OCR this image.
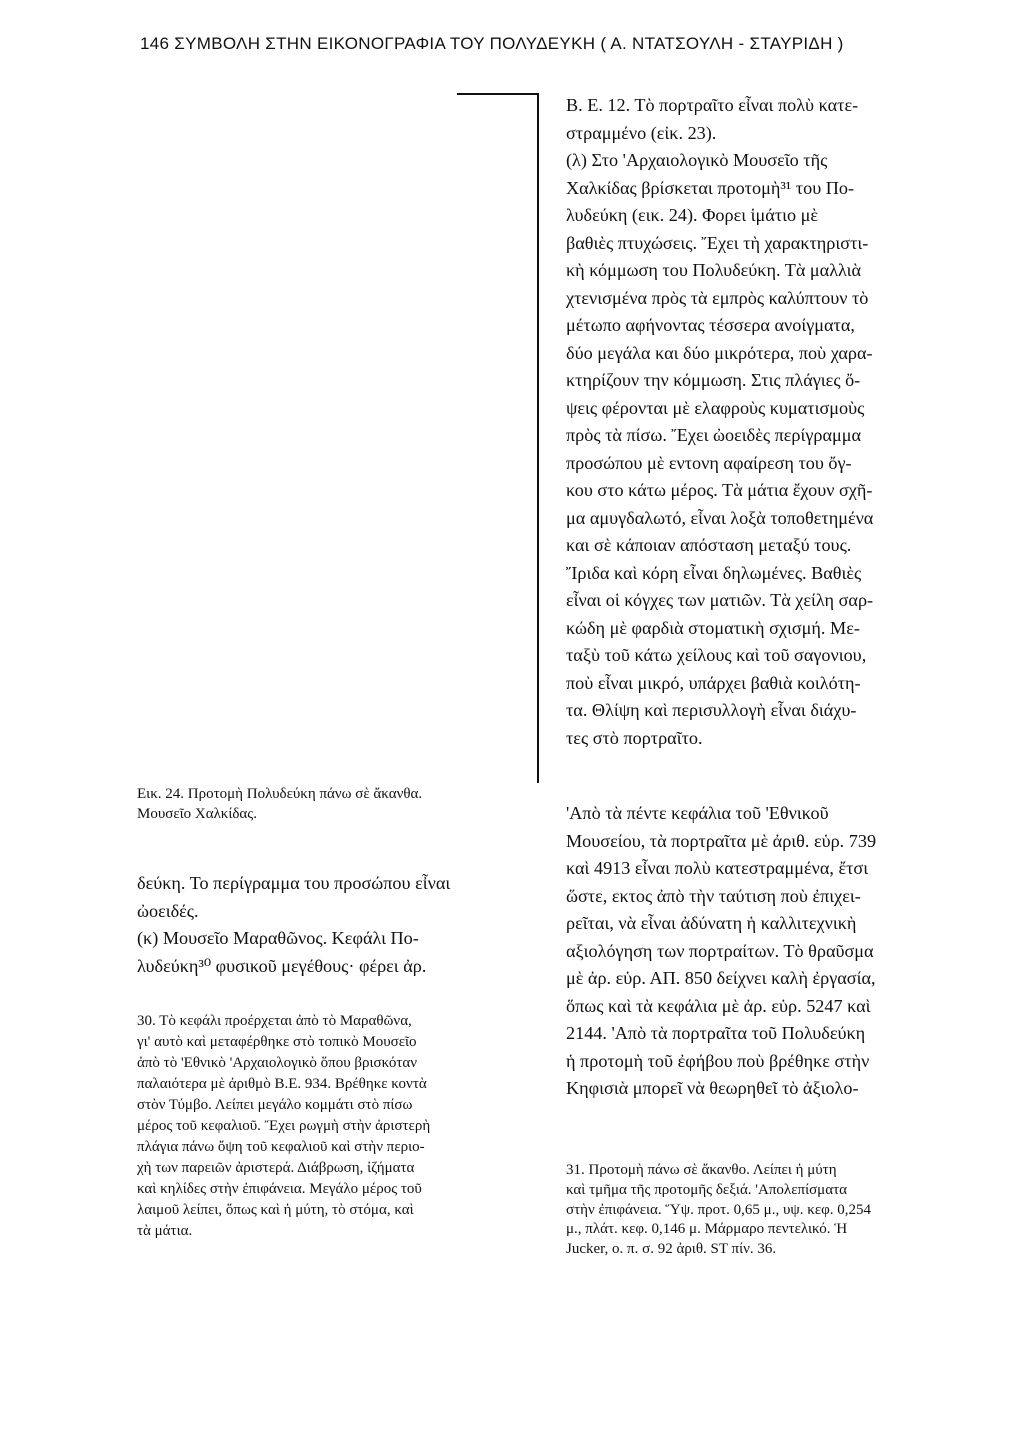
146 ΣΥΜΒΟΛΗ ΣΤΗΝ ΕΙΚΟΝΟΓΡΑΦΙΑ ΤΟΥ ΠΟΛΥΔΕΥΚΗ ( Α. ΝΤΑΤΣΟΥΛΗ - ΣΤΑΥΡΙΔΗ )
Β. Ε. 12. Τὸ πορτραῖτο εἶναι πολὺ κατε-
στραμμένο (εἰκ. 23).
(λ) Στο 'Αρχαιολογικὸ Μουσεῖο τῆς
Χαλκίδας βρίσκεται προτομὴ³¹ του Πο-
λυδεύκη (εικ. 24). Φορει ἱμάτιο μὲ
βαθιὲς πτυχώσεις. Ἔχει τὴ χαρακτηριστι-
κὴ κόμμωση του Πολυδεύκη. Τὰ μαλλιὰ
χτενισμένα πρὸς τὰ εμπρὸς καλύπτουν τὸ
μέτωπο αφήνοντας τέσσερα ανοίγματα,
δύο μεγάλα και δύο μικρότερα, ποὺ χαρα-
κτηρίζουν την κόμμωση. Στις πλάγιες ὄ-
ψεις φέρονται μὲ ελαφροὺς κυματισμοὺς
πρὸς τὰ πίσω. Ἔχει ὠοειδὲς περίγραμμα
προσώπου μὲ εντονη αφαίρεση του ὄγ-
κου στο κάτω μέρος. Τὰ μάτια ἔχουν σχῆ-
μα αμυγδαλωτό, εἶναι λοξὰ τοποθετημένα
και σὲ κάποιαν απόσταση μεταξύ τους.
Ἴριδα καὶ κόρη εἶναι δηλωμένες. Βαθιὲς
εἶναι οἱ κόγχες των ματιῶν. Τὰ χείλη σαρ-
κώδη μὲ φαρδιὰ στοματικὴ σχισμή. Με-
ταξὺ τοῦ κάτω χείλους καὶ τοῦ σαγονιου,
ποὺ εἶναι μικρό, υπάρχει βαθιὰ κοιλότη-
τα. Θλίψη καὶ περισυλλογὴ εἶναι διάχυ-
τες στὸ πορτραῖτο.
'Απὸ τὰ πέντε κεφάλια τοῦ 'Εθνικοῦ
Μουσείου, τὰ πορτραῖτα μὲ ἀριθ. εὑρ. 739
καὶ 4913 εἶναι πολὺ κατεστραμμένα, ἔτσι
ὥστε, εκτος ἀπὸ τὴν ταύτιση ποὺ ἐπιχει-
ρεῖται, νὰ εἶναι ἀδύνατη ἡ καλλιτεχνικὴ
αξιολόγηση των πορτραίτων. Τὸ θραῦσμα
μὲ ἀρ. εὑρ. ΑΠ. 850 δείχνει καλὴ ἐργασία,
ὅπως καὶ τὰ κεφάλια μὲ ἀρ. εὑρ. 5247 καὶ
2144. 'Απὸ τὰ πορτραῖτα τοῦ Πολυδεύκη
ἡ προτομὴ τοῦ ἐφήβου ποὺ βρέθηκε στὴν
Κηφισιὰ μπορεῖ νὰ θεωρηθεῖ τὸ ἀξιολο-
31. Προτομὴ πάνω σὲ ἄκανθο. Λείπει ἡ μύτη
καὶ τμῆμα τῆς προτομῆς δεξιά. 'Απολεπίσματα
στὴν ἐπιφάνεια. Ὕψ. προτ. 0,65 μ., υψ. κεφ. 0,254
μ., πλάτ. κεφ. 0,146 μ. Μάρμαρο πεντελικό. Ἡ
Jucker, ο. π. σ. 92 ἀριθ. ST πίν. 36.
Εικ. 24. Προτομὴ Πολυδεύκη πάνω σὲ ἄκανθα.
Μουσεῖο Χαλκίδας.
δεύκη. Το περίγραμμα του προσώπου εἶναι
ὠοειδές.
(κ) Μουσεῖο Μαραθῶνος. Κεφάλι Πο-
λυδεύκη³⁰ φυσικοῦ μεγέθους· φέρει ἀρ.
30. Τὸ κεφάλι προέρχεται ἀπὸ τὸ Μαραθῶνα,
γι' αυτὸ καὶ μεταφέρθηκε στὸ τοπικὸ Μουσεῖο
ἀπὸ τὸ 'Εθνικὸ 'Αρχαιολογικὸ ὅπου βρισκόταν
παλαιότερα μὲ ἀριθμὸ Β.Ε. 934. Βρέθηκε κοντὰ
στὸν Τύμβο. Λείπει μεγάλο κομμάτι στὸ πίσω
μέρος τοῦ κεφαλιοῦ. Ἔχει ρωγμὴ στὴν ἀριστερὴ
πλάγια πάνω ὄψη τοῦ κεφαλιοῦ καὶ στὴν περιο-
χὴ των παρειῶν ἀριστερά. Διάβρωση, ἰζήματα
καὶ κηλίδες στὴν ἐπιφάνεια. Μεγάλο μέρος τοῦ
λαιμοῦ λείπει, ὅπως καὶ ἡ μύτη, τὸ στόμα, καὶ
τὰ μάτια.
